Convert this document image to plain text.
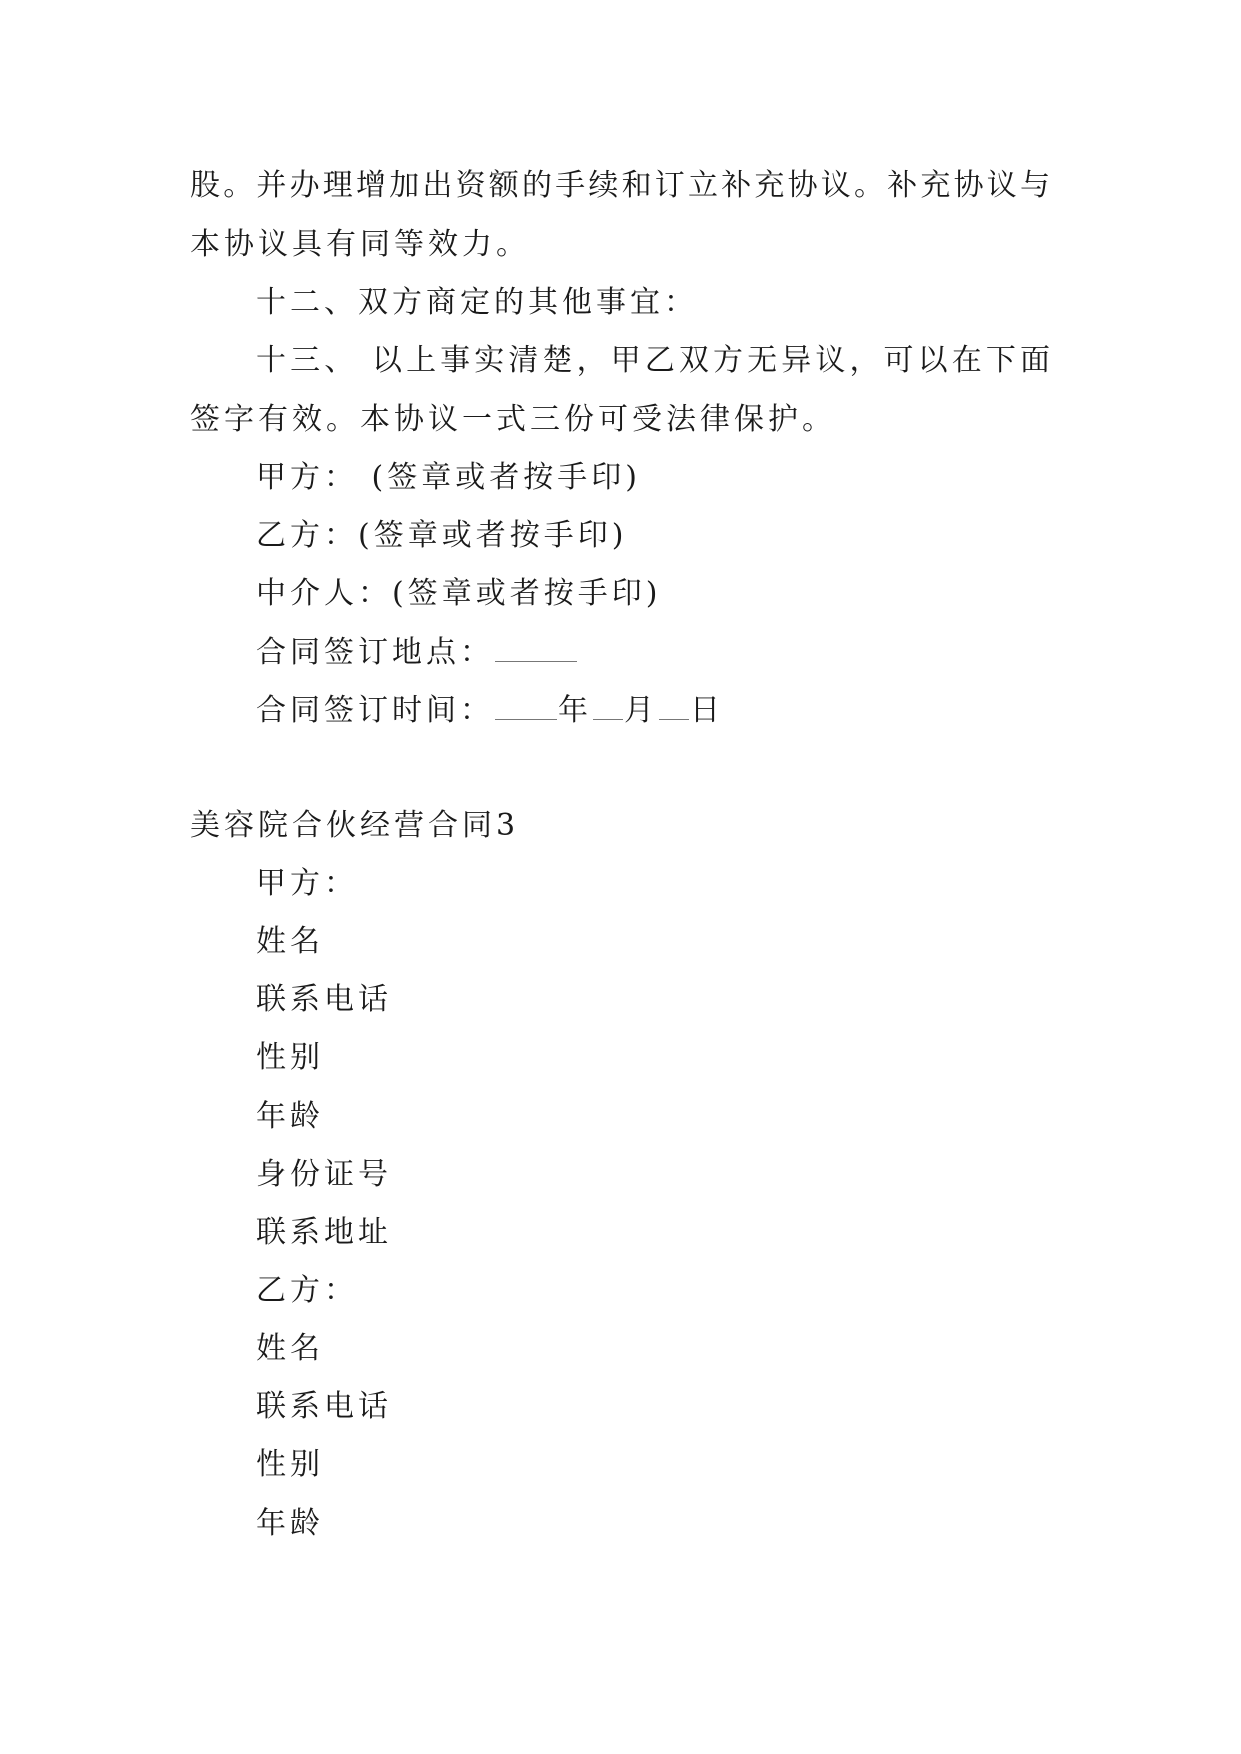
股。并办理增加出资额的手续和订立补充协议。补充协议与
本协议具有同等效力。
十二、双方商定的其他事宜：
十三、 以上事实清楚，甲乙双方无异议，可以在下面
签字有效。本协议一式三份可受法律保护。
甲方： (签章或者按手印)
乙方：(签章或者按手印)
中介人：(签章或者按手印)
合同签订地点：
合同签订时间： 年 月 日
美容院合伙经营合同3
甲方：
姓名
联系电话
性别
年龄
身份证号
联系地址
乙方：
姓名
联系电话
性别
年龄
